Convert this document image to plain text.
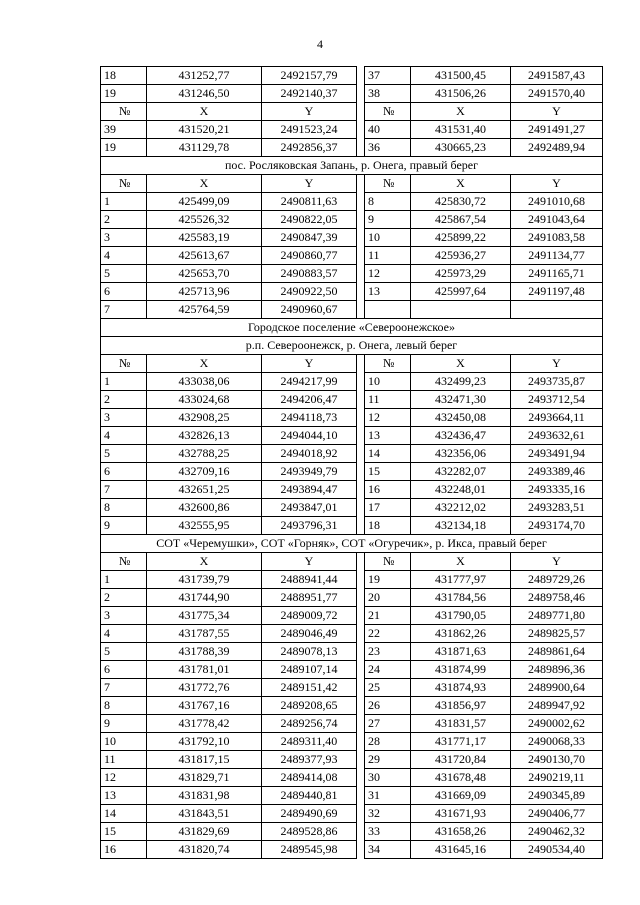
4
18	431252,77	2492157,79		37	431500,45	2491587,43
19	431246,50	2492140,37		38	431506,26	2491570,40
№	X	Y		№	X	Y
39	431520,21	2491523,24		40	431531,40	2491491,27
19	431129,78	2492856,37		36	430665,23	2492489,94
пос. Росляковская Запань, р. Онега, правый берег						
№	X	Y		№	X	Y
1	425499,09	2490811,63		8	425830,72	2491010,68
2	425526,32	2490822,05		9	425867,54	2491043,64
3	425583,19	2490847,39		10	425899,22	2491083,58
4	425613,67	2490860,77		11	425936,27	2491134,77
5	425653,70	2490883,57		12	425973,29	2491165,71
6	425713,96	2490922,50		13	425997,64	2491197,48
7	425764,59	2490960,67				
Городское поселение «Североонежское»						
р.п. Североонежск, р. Онега, левый берег						
№	X	Y		№	X	Y
1	433038,06	2494217,99		10	432499,23	2493735,87
2	433024,68	2494206,47		11	432471,30	2493712,54
3	432908,25	2494118,73		12	432450,08	2493664,11
4	432826,13	2494044,10		13	432436,47	2493632,61
5	432788,25	2494018,92		14	432356,06	2493491,94
6	432709,16	2493949,79		15	432282,07	2493389,46
7	432651,25	2493894,47		16	432248,01	2493335,16
8	432600,86	2493847,01		17	432212,02	2493283,51
9	432555,95	2493796,31		18	432134,18	2493174,70
СОТ «Черемушки», СОТ «Горняк», СОТ «Огуречик», р. Икса, правый берег						
№	X	Y		№	X	Y
1	431739,79	2488941,44		19	431777,97	2489729,26
2	431744,90	2488951,77		20	431784,56	2489758,46
3	431775,34	2489009,72		21	431790,05	2489771,80
4	431787,55	2489046,49		22	431862,26	2489825,57
5	431788,39	2489078,13		23	431871,63	2489861,64
6	431781,01	2489107,14		24	431874,99	2489896,36
7	431772,76	2489151,42		25	431874,93	2489900,64
8	431767,16	2489208,65		26	431856,97	2489947,92
9	431778,42	2489256,74		27	431831,57	2490002,62
10	431792,10	2489311,40		28	431771,17	2490068,33
11	431817,15	2489377,93		29	431720,84	2490130,70
12	431829,71	2489414,08		30	431678,48	2490219,11
13	431831,98	2489440,81		31	431669,09	2490345,89
14	431843,51	2489490,69		32	431671,93	2490406,77
15	431829,69	2489528,86		33	431658,26	2490462,32
16	431820,74	2489545,98		34	431645,16	2490534,40
